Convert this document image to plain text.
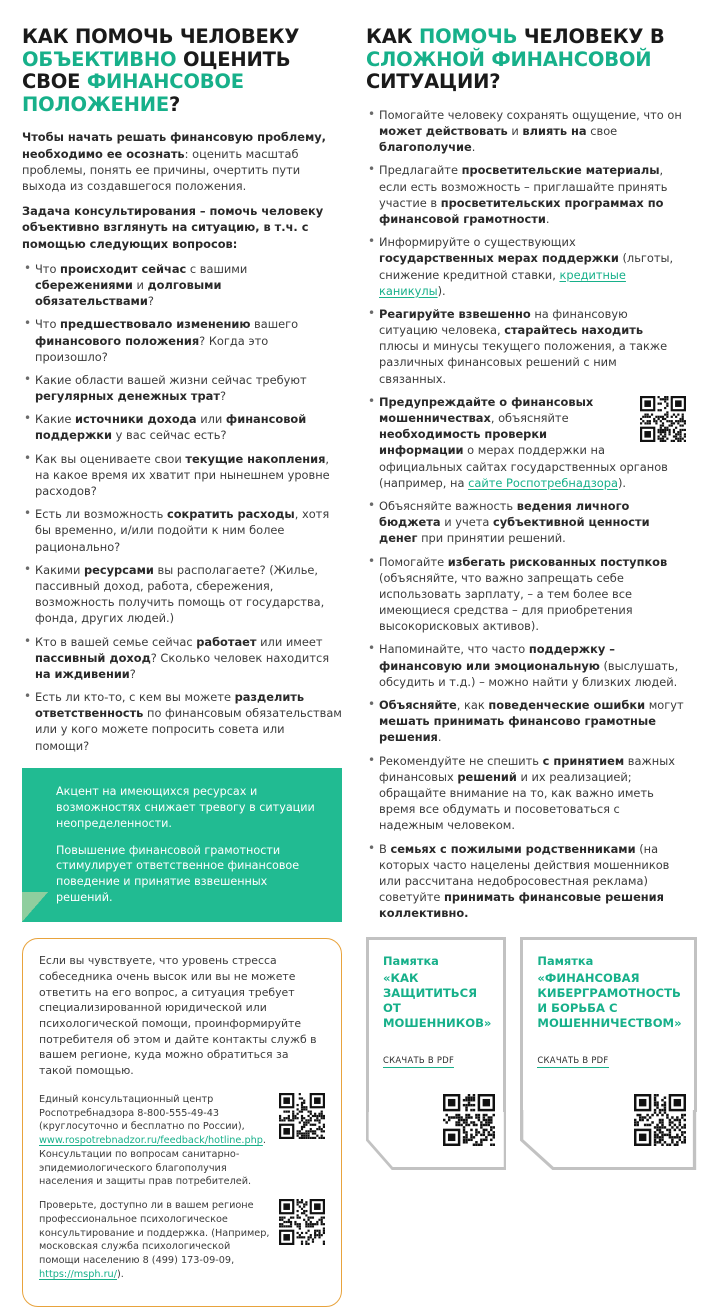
КАК ПОМОЧЬ ЧЕЛОВЕКУ ОБЪЕКТИВНО ОЦЕНИТЬ СВОЕ ФИНАНСОВОЕ ПОЛОЖЕНИЕ?

Чтобы начать решать финансовую проблему, необходимо ее осознать: оценить масштаб проблемы, понять ее причины, очертить пути выхода из создавшегося положения.

Задача консультирования – помочь человеку объективно взглянуть на ситуацию, в т.ч. с помощью следующих вопросов:

• Что происходит сейчас с вашими сбережениями и долговыми обязательствами?
• Что предшествовало изменению вашего финансового положения? Когда это произошло?
• Какие области вашей жизни сейчас требуют регулярных денежных трат?
• Какие источники дохода или финансовой поддержки у вас сейчас есть?
• Как вы оцениваете свои текущие накопления, на какое время их хватит при нынешнем уровне расходов?
• Есть ли возможность сократить расходы, хотя бы временно, и/или подойти к ним более рационально?
• Какими ресурсами вы располагаете? (Жилье, пассивный доход, работа, сбережения, возможность получить помощь от государства, фонда, других людей.)
• Кто в вашей семье сейчас работает или имеет пассивный доход? Сколько человек находится на иждивении?
• Есть ли кто-то, с кем вы можете разделить ответственность по финансовым обязательствам или у кого можете попросить совета или помощи?

Акцент на имеющихся ресурсах и возможностях снижает тревогу в ситуации неопределенности.

Повышение финансовой грамотности стимулирует ответственное финансовое поведение и принятие взвешенных решений.

Если вы чувствуете, что уровень стресса собеседника очень высок или вы не можете ответить на его вопрос, а ситуация требует специализированной юридической или психологической помощи, проинформируйте потребителя об этом и дайте контакты служб в вашем регионе, куда можно обратиться за такой помощью.

Единый консультационный центр Роспотребнадзора 8-800-555-49-43 (круглосуточно и бесплатно по России), www.rospotrebnadzor.ru/feedback/hotline.php. Консультации по вопросам санитарно-эпидемиологического благополучия населения и защиты прав потребителей.
Проверьте, доступно ли в вашем регионе профессиональное психологическое консультирование и поддержка. (Например, московская служба психологической помощи населению 8 (499) 173-09-09, https://msph.ru/).
КАК ПОМОЧЬ ЧЕЛОВЕКУ В СЛОЖНОЙ ФИНАНСОВОЙ СИТУАЦИИ?
• Помогайте человеку сохранять ощущение, что он может действовать и влиять на свое благополучие.
• Предлагайте просветительские материалы, если есть возможность – приглашайте принять участие в просветительских программах по финансовой грамотности.
• Информируйте о существующих государственных мерах поддержки (льготы, снижение кредитной ставки, кредитные каникулы).
• Реагируйте взвешенно на финансовую ситуацию человека, старайтесь находить плюсы и минусы текущего положения, а также различных финансовых решений с ним связанных.
• Предупреждайте о финансовых мошенничествах, объясняйте необходимость проверки информации о мерах поддержки на официальных сайтах государственных органов (например, на сайте Роспотребнадзора).
• Объясняйте важность ведения личного бюджета и учета субъективной ценности денег при принятии решений.
• Помогайте избегать рискованных поступков (объясняйте, что важно запрещать себе использовать зарплату, – а тем более все имеющиеся средства – для приобретения высокорисковых активов).
• Напоминайте, что часто поддержку – финансовую или эмоциональную (выслушать, обсудить и т.д.) – можно найти у близких людей.
• Объясняйте, как поведенческие ошибки могут мешать принимать финансово грамотные решения.
• Рекомендуйте не спешить с принятием важных финансовых решений и их реализацией; обращайте внимание на то, как важно иметь время все обдумать и посоветоваться с надежным человеком.
• В семьях с пожилыми родственниками (на которых часто нацелены действия мошенников или рассчитана недобросовестная реклама) советуйте принимать финансовые решения коллективно.
Памятка
«КАК ЗАЩИТИТЬСЯ ОТ МОШЕННИКОВ»
СКАЧАТЬ В PDF
Памятка
«ФИНАНСОВАЯ КИБЕРГРАМОТНОСТЬ И БОРЬБА С МОШЕННИЧЕСТВОМ»
СКАЧАТЬ В PDF
